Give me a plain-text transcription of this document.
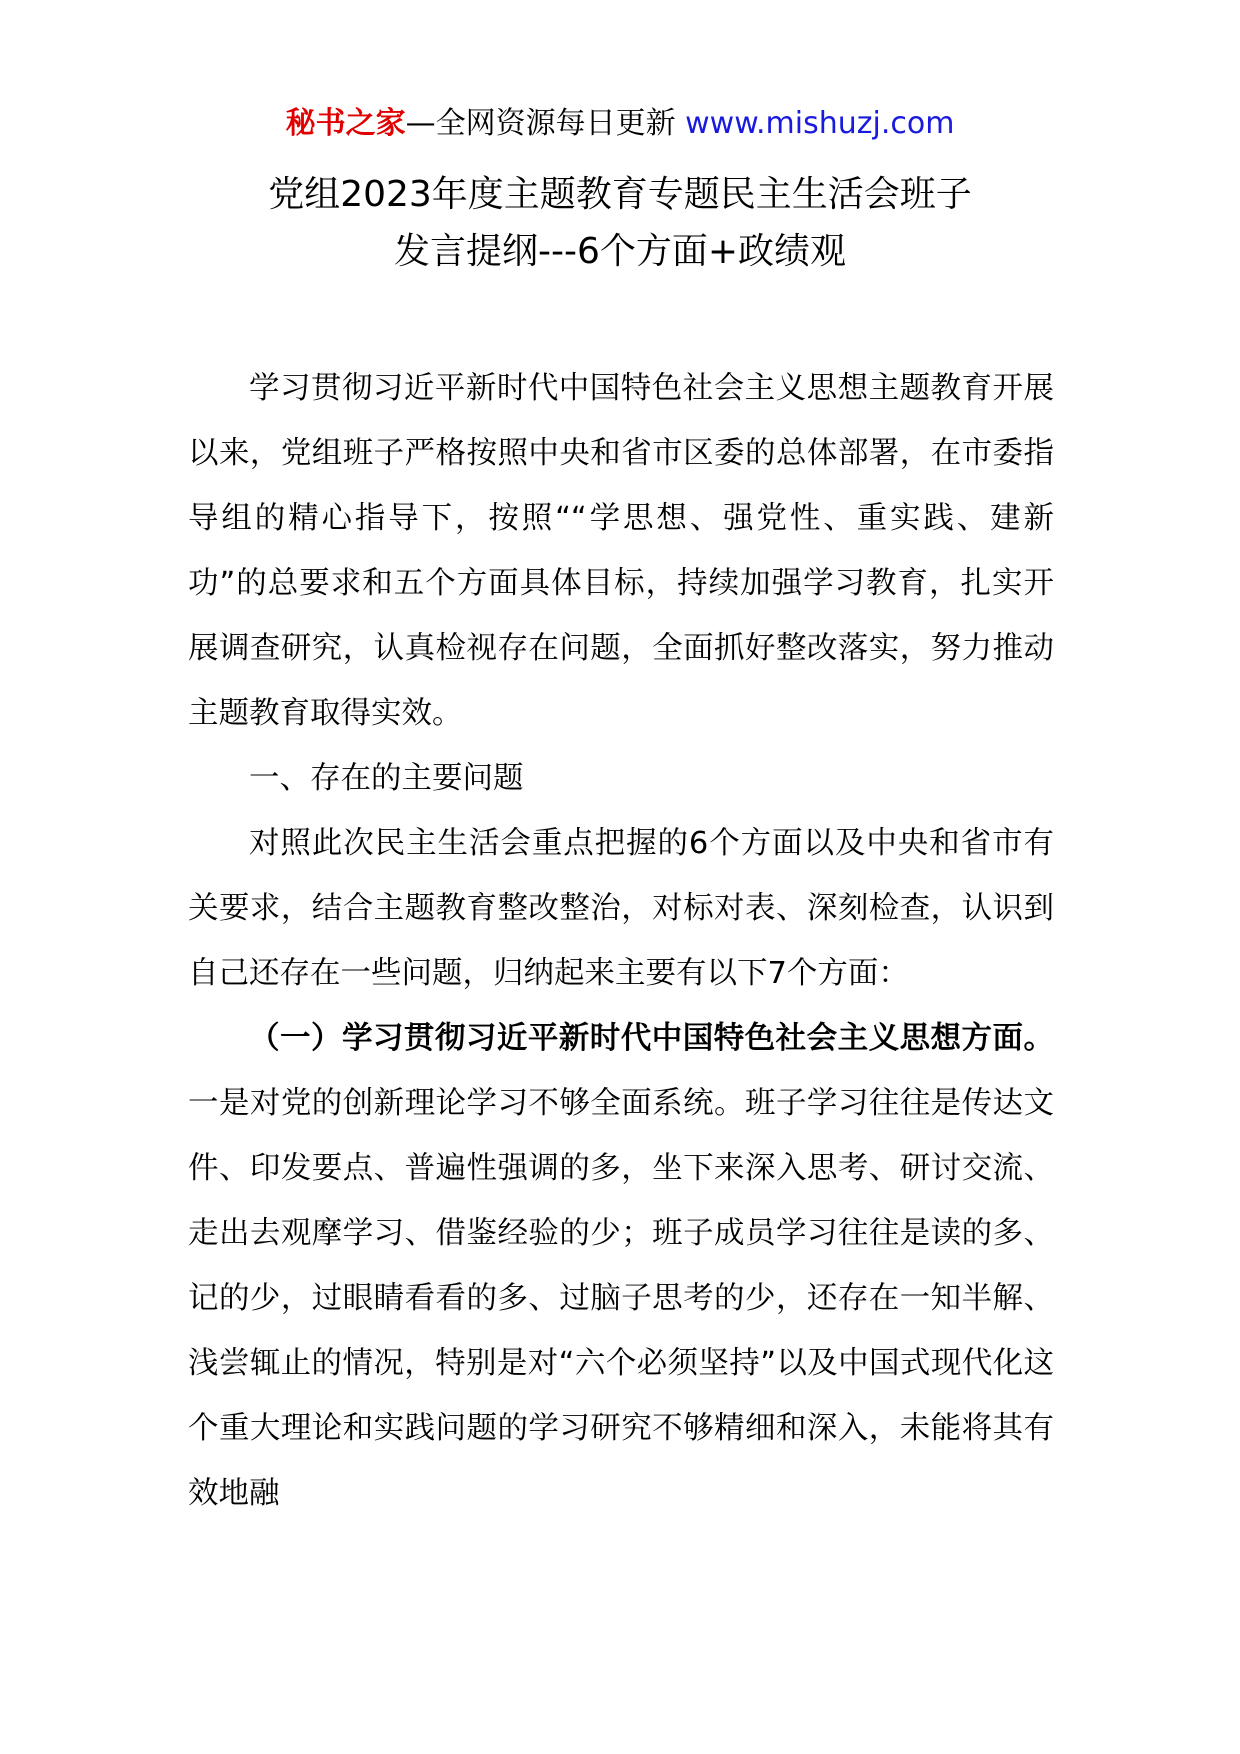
秘书之家—全网资源每日更新 www.mishuzj.com
党组2023年度主题教育专题民主生活会班子
发言提纲---6个方面+政绩观

学习贯彻习近平新时代中国特色社会主义思想主题教育开展以来，党组班子严格按照中央和省市区委的总体部署，在市委指导组的精心指导下，按照““学思想、强党性、重实践、建新功”的总要求和五个方面具体目标，持续加强学习教育，扎实开展调查研究，认真检视存在问题，全面抓好整改落实，努力推动主题教育取得实效。

一、存在的主要问题

对照此次民主生活会重点把握的6个方面以及中央和省市有关要求，结合主题教育整改整治，对标对表、深刻检查，认识到自己还存在一些问题，归纳起来主要有以下7个方面：

（一）学习贯彻习近平新时代中国特色社会主义思想方面。一是对党的创新理论学习不够全面系统。班子学习往往是传达文件、印发要点、普遍性强调的多，坐下来深入思考、研讨交流、走出去观摩学习、借鉴经验的少；班子成员学习往往是读的多、记的少，过眼睛看看的多、过脑子思考的少，还存在一知半解、浅尝辄止的情况，特别是对“六个必须坚持”以及中国式现代化这个重大理论和实践问题的学习研究不够精细和深入，未能将其有效地融
